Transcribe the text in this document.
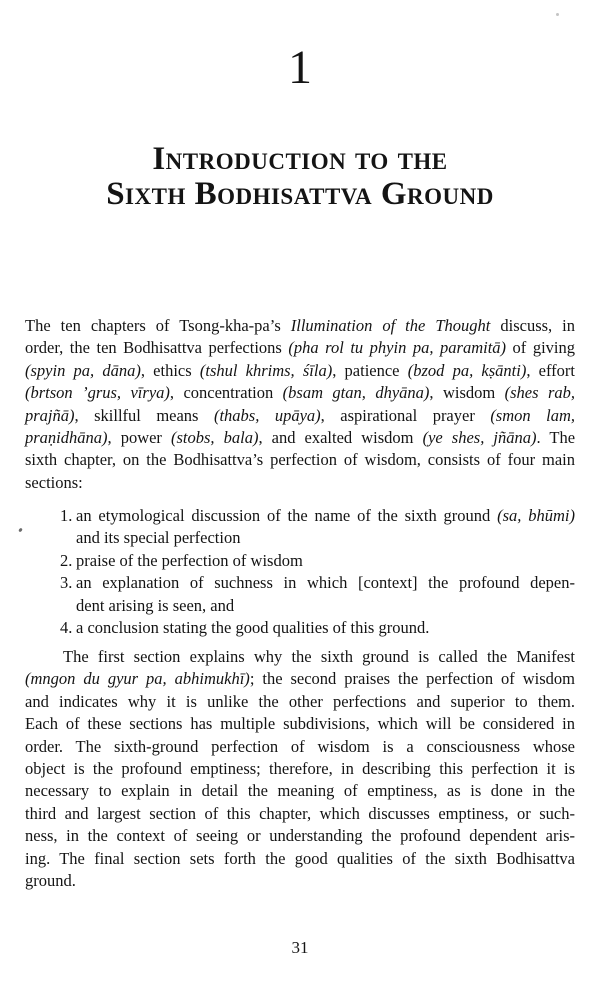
1
Introduction to the
Sixth Bodhisattva Ground
The ten chapters of Tsong-kha-pa’s Illumination of the Thought discuss, in
order, the ten Bodhisattva perfections (pha rol tu phyin pa, paramitā) of giving
(spyin pa, dāna), ethics (tshul khrims, śīla), patience (bzod pa, kṣānti), effort
(brtson ’grus, vīrya), concentration (bsam gtan, dhyāna), wisdom (shes rab,
prajñā), skillful means (thabs, upāya), aspirational prayer (smon lam,
praṇidhāna), power (stobs, bala), and exalted wisdom (ye shes, jñāna). The
sixth chapter, on the Bodhisattva’s perfection of wisdom, consists of four main
sections:
1. an etymological discussion of the name of the sixth ground (sa, bhūmi)
and its special perfection
2. praise of the perfection of wisdom
3. an explanation of suchness in which [context] the profound depen-
dent arising is seen, and
4. a conclusion stating the good qualities of this ground.
The first section explains why the sixth ground is called the Manifest
(mngon du gyur pa, abhimukhī); the second praises the perfection of wisdom
and indicates why it is unlike the other perfections and superior to them.
Each of these sections has multiple subdivisions, which will be considered in
order. The sixth-ground perfection of wisdom is a consciousness whose
object is the profound emptiness; therefore, in describing this perfection it is
necessary to explain in detail the meaning of emptiness, as is done in the
third and largest section of this chapter, which discusses emptiness, or such-
ness, in the context of seeing or understanding the profound dependent aris-
ing. The final section sets forth the good qualities of the sixth Bodhisattva
ground.
31
